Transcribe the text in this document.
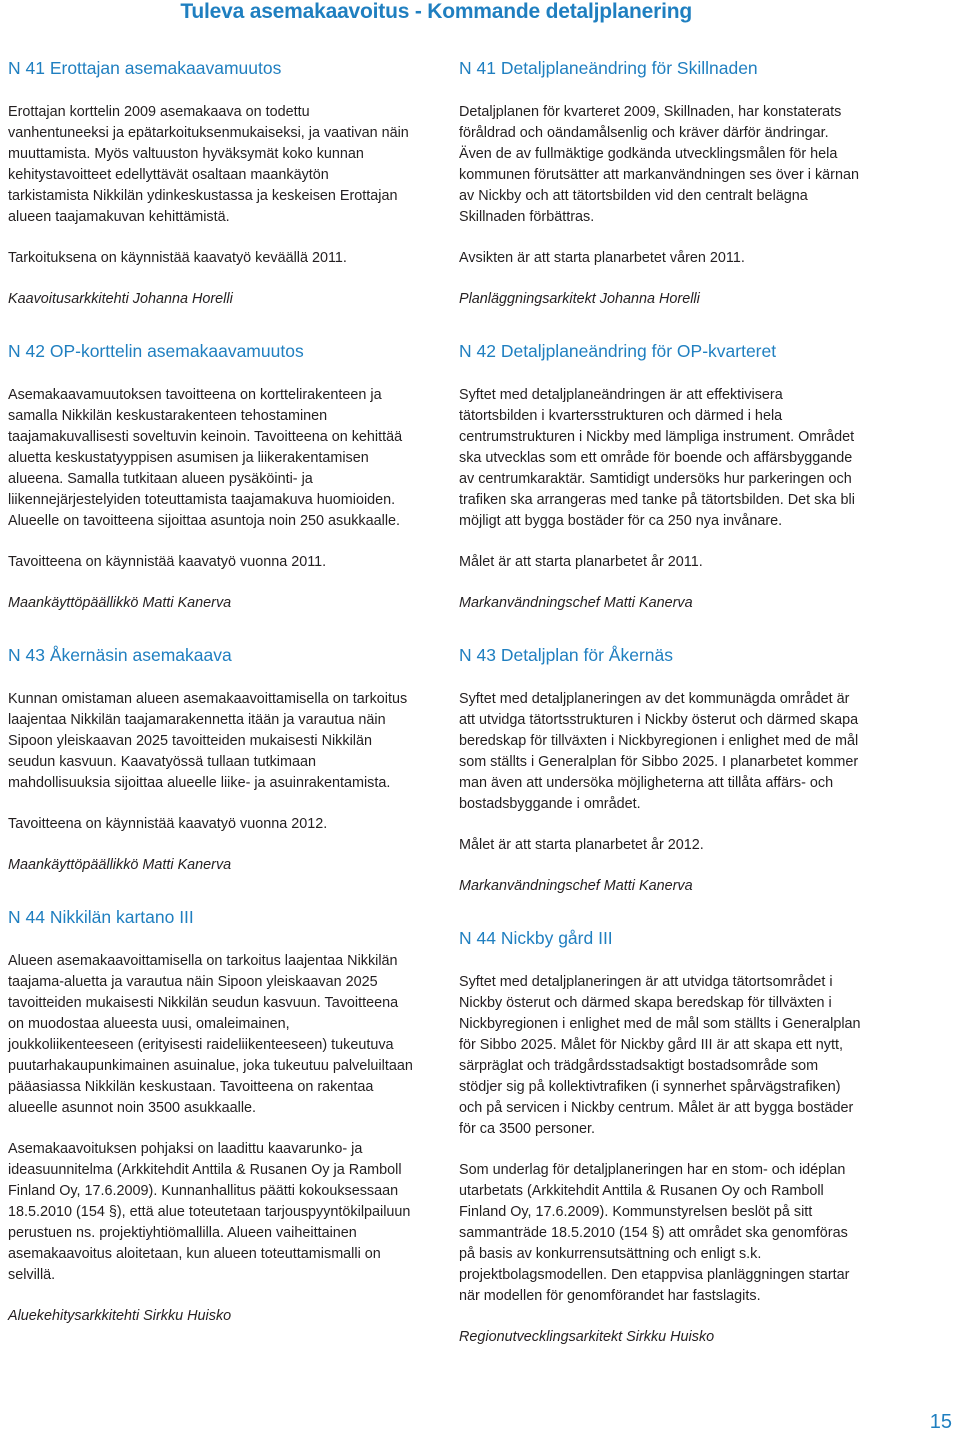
Tuleva asemakaavoitus - Kommande detaljplanering
N 41 Erottajan asemakaavamuutos

Erottajan korttelin 2009 asemakaava on todettu vanhentuneeksi ja epätarkoituksenmukaiseksi, ja vaativan näin muuttamista. Myös valtuuston hyväksymät koko kunnan kehitystavoitteet edellyttävät osaltaan maankäytön tarkistamista Nikkilän ydinkeskustassa ja keskeisen Erottajan alueen taajamakuvan kehittämistä.

Tarkoituksena on käynnistää kaavatyö keväällä 2011.

Kaavoitusarkkitehti Johanna Horelli

N 42 OP-korttelin asemakaavamuutos

Asemakaavamuutoksen tavoitteena on korttelirakenteen ja samalla Nikkilän keskustarakenteen tehostaminen taajamakuvallisesti soveltuvin keinoin. Tavoitteena on kehittää aluetta keskustatyyppisen asumisen ja liikerakentamisen alueena. Samalla tutkitaan alueen pysäköinti- ja liikennejärjestelyiden toteuttamista taajamakuva huomioiden. Alueelle on tavoitteena sijoittaa asuntoja noin 250 asukkaalle.

Tavoitteena on käynnistää kaavatyö vuonna 2011.

Maankäyttöpäällikkö Matti Kanerva

N 43 Åkernäsin asemakaava

Kunnan omistaman alueen asemakaavoittamisella on tarkoitus laajentaa Nikkilän taajamarakennetta itään ja varautua näin Sipoon yleiskaavan 2025 tavoitteiden mukaisesti Nikkilän seudun kasvuun. Kaavatyössä tullaan tutkimaan mahdollisuuksia sijoittaa alueelle liike- ja asuinrakentamista.

Tavoitteena on käynnistää kaavatyö vuonna 2012.

Maankäyttöpäällikkö Matti Kanerva

N 44 Nikkilän kartano III

Alueen asemakaavoittamisella on tarkoitus laajentaa Nikkilän taajama-aluetta ja varautua näin Sipoon yleiskaavan 2025 tavoitteiden mukaisesti Nikkilän seudun kasvuun. Tavoitteena on muodostaa alueesta uusi, omaleimainen, joukkoliikenteeseen (erityisesti raideliikenteeseen) tukeutuva puutarhakaupunkimainen asuinalue, joka tukeutuu palveluiltaan pääasiassa Nikkilän keskustaan. Tavoitteena on rakentaa alueelle asunnot noin 3500 asukkaalle.

Asemakaavoituksen pohjaksi on laadittu kaavarunko- ja ideasuunnitelma (Arkkitehdit Anttila & Rusanen Oy ja Ramboll Finland Oy, 17.6.2009). Kunnanhallitus päätti kokouksessaan 18.5.2010 (154 §), että alue toteutetaan tarjouspyyntökilpailuun perustuen ns. projektiyhtiömallilla. Alueen vaiheittainen asemakaavoitus aloitetaan, kun alueen toteuttamismalli on selvillä.

Aluekehitysarkkitehti Sirkku Huisko

N 41 Detaljplaneändring för Skillnaden

Detaljplanen för kvarteret 2009, Skillnaden, har konstaterats föråldrad och oändamålsenlig och kräver därför ändringar. Även de av fullmäktige godkända utvecklingsmålen för hela kommunen förutsätter att markanvändningen ses över i kärnan av Nickby och att tätortsbilden vid den centralt belägna Skillnaden förbättras.

Avsikten är att starta planarbetet våren 2011.

Planläggningsarkitekt Johanna Horelli

N 42 Detaljplaneändring för OP-kvarteret

Syftet med detaljplaneändringen är att effektivisera tätortsbilden i kvartersstrukturen och därmed i hela centrumstrukturen i Nickby med lämpliga instrument. Området ska utvecklas som ett område för boende och affärsbyggande av centrumkaraktär. Samtidigt undersöks hur parkeringen och trafiken ska arrangeras med tanke på tätortsbilden. Det ska bli möjligt att bygga bostäder för ca 250 nya invånare.

Målet är att starta planarbetet år 2011.

Markanvändningschef Matti Kanerva

N 43 Detaljplan för Åkernäs

Syftet med detaljplaneringen av det kommunägda området är att utvidga tätortsstrukturen i Nickby österut och därmed skapa beredskap för tillväxten i Nickbyregionen i enlighet med de mål som ställts i Generalplan för Sibbo 2025. I planarbetet kommer man även att undersöka möjligheterna att tillåta affärs- och bostadsbyggande i området.

Målet är att starta planarbetet år 2012.

Markanvändningschef Matti Kanerva

N 44 Nickby gård III

Syftet med detaljplaneringen är att utvidga tätortsområdet i Nickby österut och därmed skapa beredskap för tillväxten i Nickbyregionen i enlighet med de mål som ställts i Generalplan för Sibbo 2025. Målet för Nickby gård III är att skapa ett nytt, särpräglat och trädgårdsstadsaktigt bostadsområde som stödjer sig på kollektivtrafiken (i synnerhet spårvägstrafiken) och på servicen i Nickby centrum. Målet är att bygga bostäder för ca 3500 personer.

Som underlag för detaljplaneringen har en stom- och idéplan utarbetats (Arkkitehdit Anttila & Rusanen Oy och Ramboll Finland Oy, 17.6.2009). Kommunstyrelsen beslöt på sitt sammanträde 18.5.2010 (154 §) att området ska genomföras på basis av konkurrensutsättning och enligt s.k. projektbolagsmodellen. Den etappvisa planläggningen startar när modellen för genomförandet har fastslagits.

Regionutvecklingsarkitekt Sirkku Huisko

15
